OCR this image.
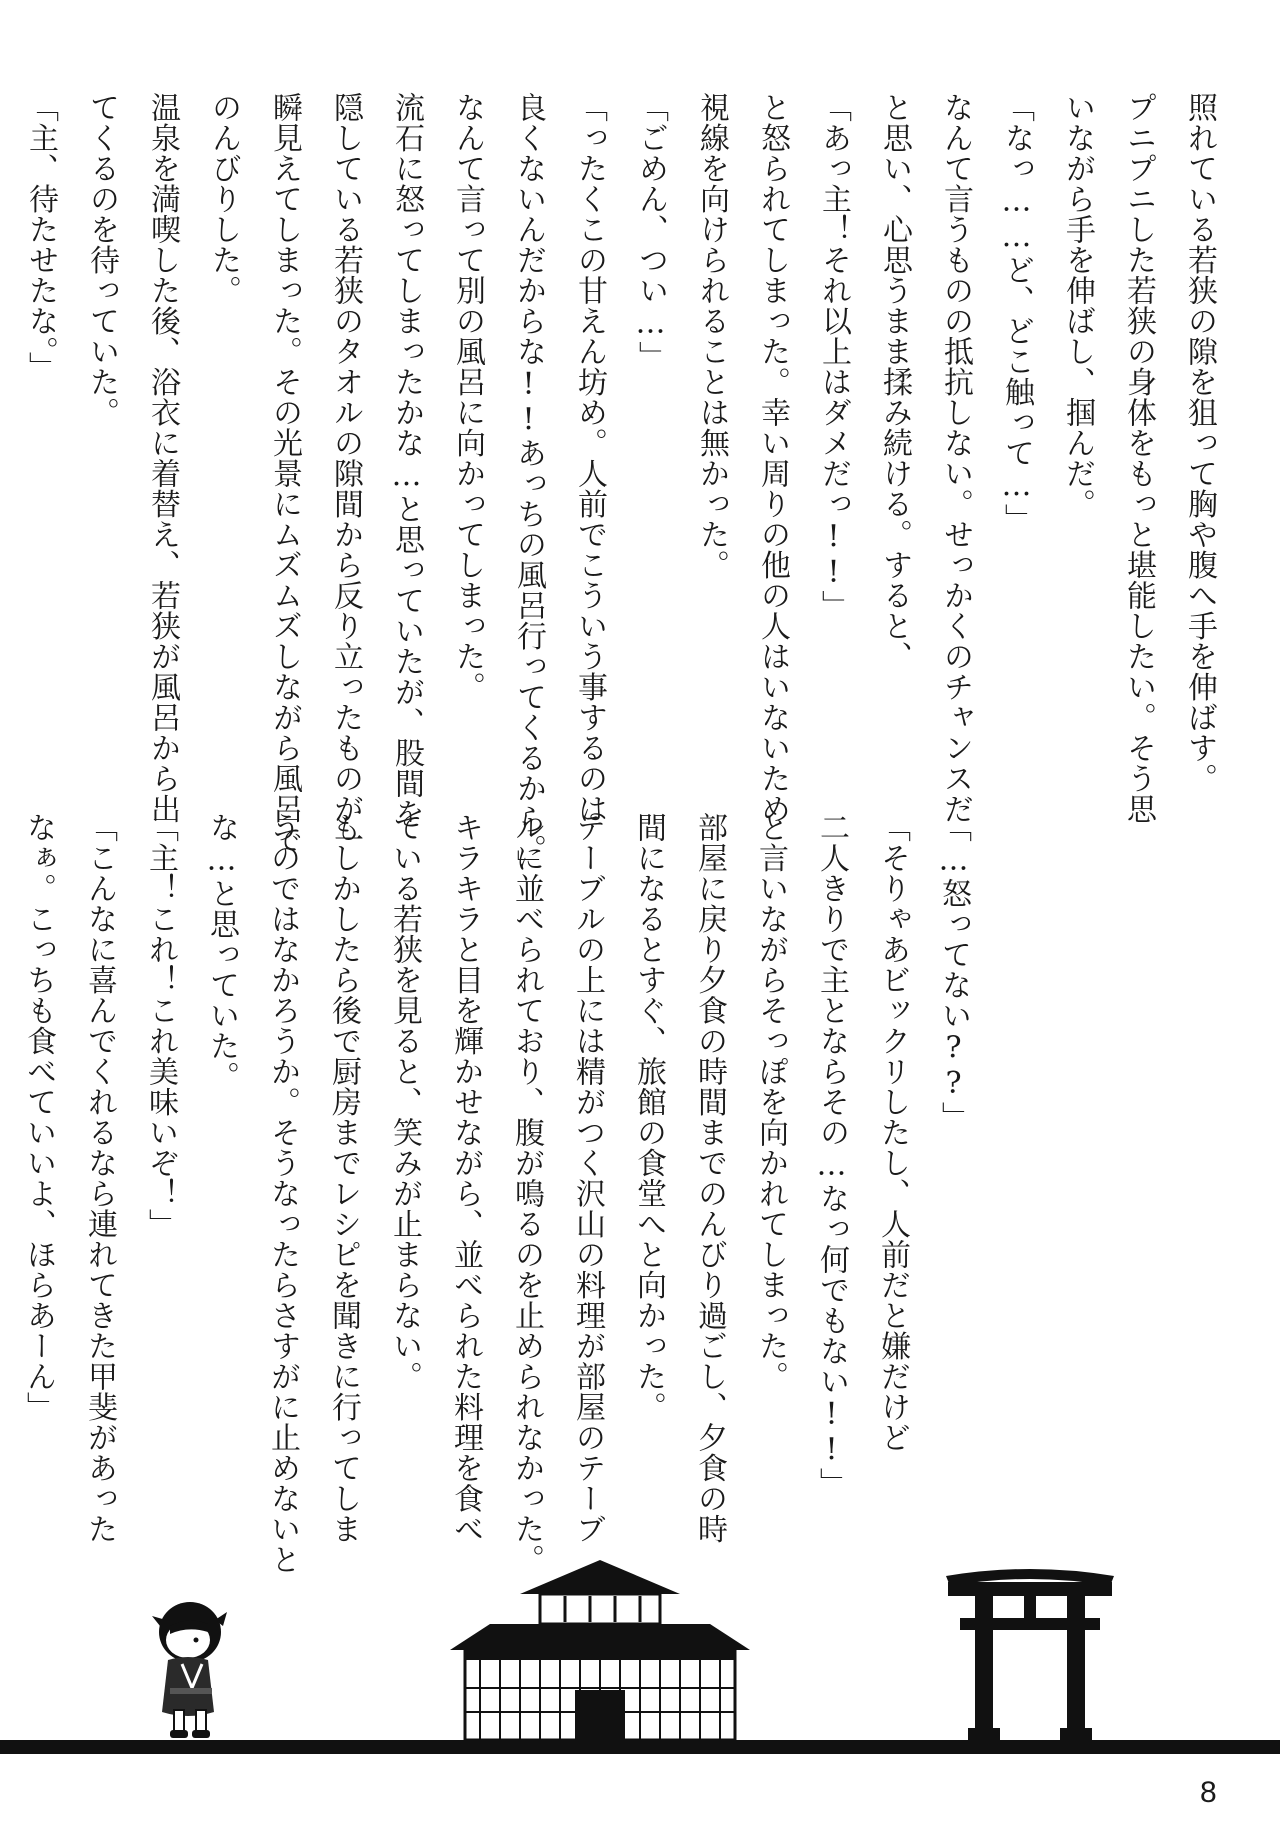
照れている若狭の隙を狙って胸や腹へ手を伸ばす。
プニプニした若狭の身体をもっと堪能したい。そう思
いながら手を伸ばし、掴んだ。
「なっ……ど、どこ触って…」
なんて言うものの抵抗しない。せっかくのチャンスだ
と思い、心思うまま揉み続ける。すると、
「あっ主！それ以上はダメだっ!!」
と怒られてしまった。幸い周りの他の人はいないため
視線を向けられることは無かった。
「ごめん、つい…」
「ったくこの甘えん坊め。人前でこういう事するのは
良くないんだからな!!あっちの風呂行ってくるから。」
なんて言って別の風呂に向かってしまった。
流石に怒ってしまったかな…と思っていたが、股間を
隠している若狭のタオルの隙間から反り立ったものが一
瞬見えてしまった。その光景にムズムズしながら風呂で
のんびりした。
温泉を満喫した後、浴衣に着替え、若狭が風呂から出
てくるのを待っていた。
「主、待たせたな。」
「…怒ってない??」
「そりゃあビックリしたし、人前だと嫌だけど
二人きりで主とならその…なっ何でもない!!」
と言いながらそっぽを向かれてしまった。
部屋に戻り夕食の時間までのんびり過ごし、夕食の時
間になるとすぐ、旅館の食堂へと向かった。
テーブルの上には精がつく沢山の料理が部屋のテーブ
ルに並べられており、腹が鳴るのを止められなかった。
キラキラと目を輝かせながら、並べられた料理を食べ
ている若狭を見ると、笑みが止まらない。
もしかしたら後で厨房までレシピを聞きに行ってしま
うのではなかろうか。そうなったらさすがに止めないと
な…と思っていた。
「主！これ！これ美味いぞ！」
「こんなに喜んでくれるなら連れてきた甲斐があった
なぁ。こっちも食べていいよ、ほらあーん」
8
